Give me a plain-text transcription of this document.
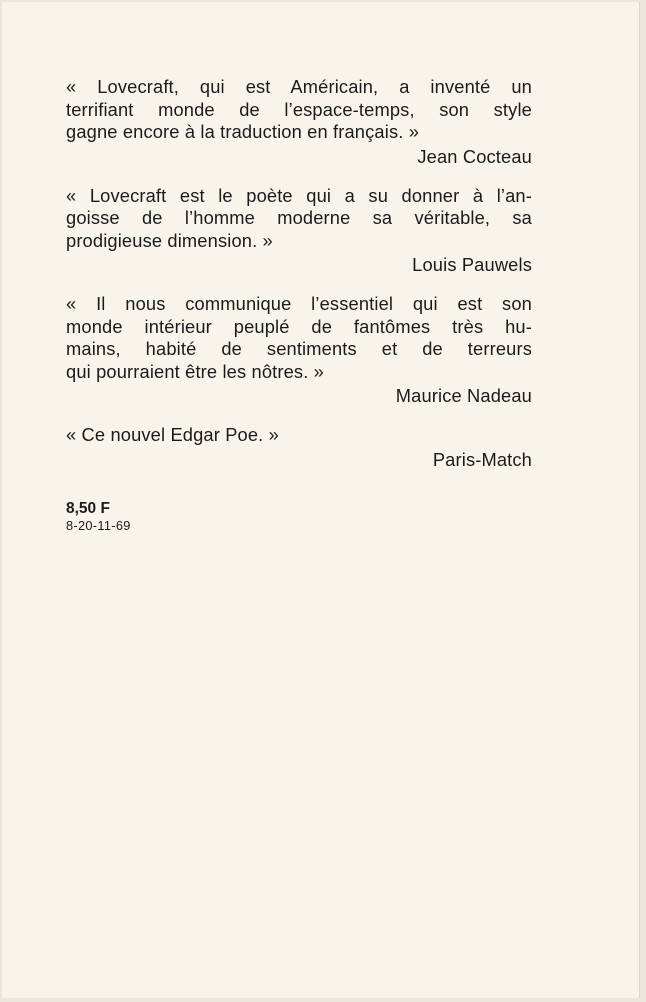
« Lovecraft, qui est Américain, a inventé un
terrifiant monde de l’espace-temps, son style
gagne encore à la traduction en français. »
Jean Cocteau
« Lovecraft est le poète qui a su donner à l’an-
goisse de l’homme moderne sa véritable, sa
prodigieuse dimension. »
Louis Pauwels
« Il nous communique l’essentiel qui est son
monde intérieur peuplé de fantômes très hu-
mains, habité de sentiments et de terreurs
qui pourraient être les nôtres. »
Maurice Nadeau
« Ce nouvel Edgar Poe. »
Paris-Match
8,50 F
8-20-11-69
